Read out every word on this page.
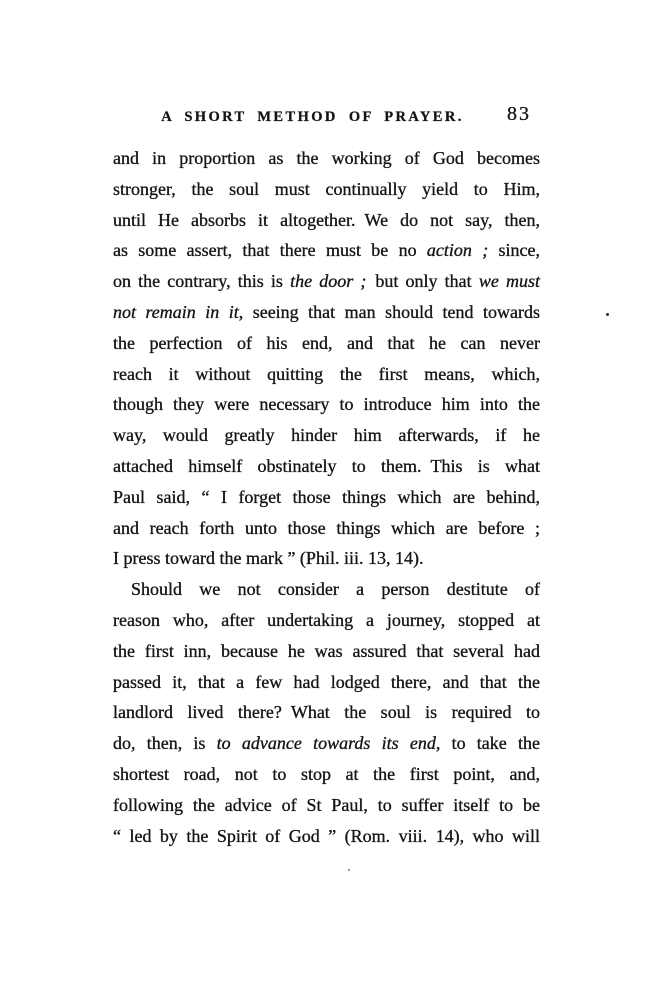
A SHORT METHOD OF PRAYER.	83
and in proportion as the working of God becomes
stronger, the soul must continually yield to Him,
until He absorbs it altogether. We do not say, then,
as some assert, that there must be no action ; since,
on the contrary, this is the door ; but only that we must
not remain in it, seeing that man should tend towards
the perfection of his end, and that he can never
reach it without quitting the first means, which,
though they were necessary to introduce him into the
way, would greatly hinder him afterwards, if he
attached himself obstinately to them. This is what
Paul said, “ I forget those things which are behind,
and reach forth unto those things which are before ;
I press toward the mark ” (Phil. iii. 13, 14).
Should we not consider a person destitute of
reason who, after undertaking a journey, stopped at
the first inn, because he was assured that several had
passed it, that a few had lodged there, and that the
landlord lived there? What the soul is required to
do, then, is to advance towards its end, to take the
shortest road, not to stop at the first point, and,
following the advice of St Paul, to suffer itself to be
“ led by the Spirit of God ” (Rom. viii. 14), who will
